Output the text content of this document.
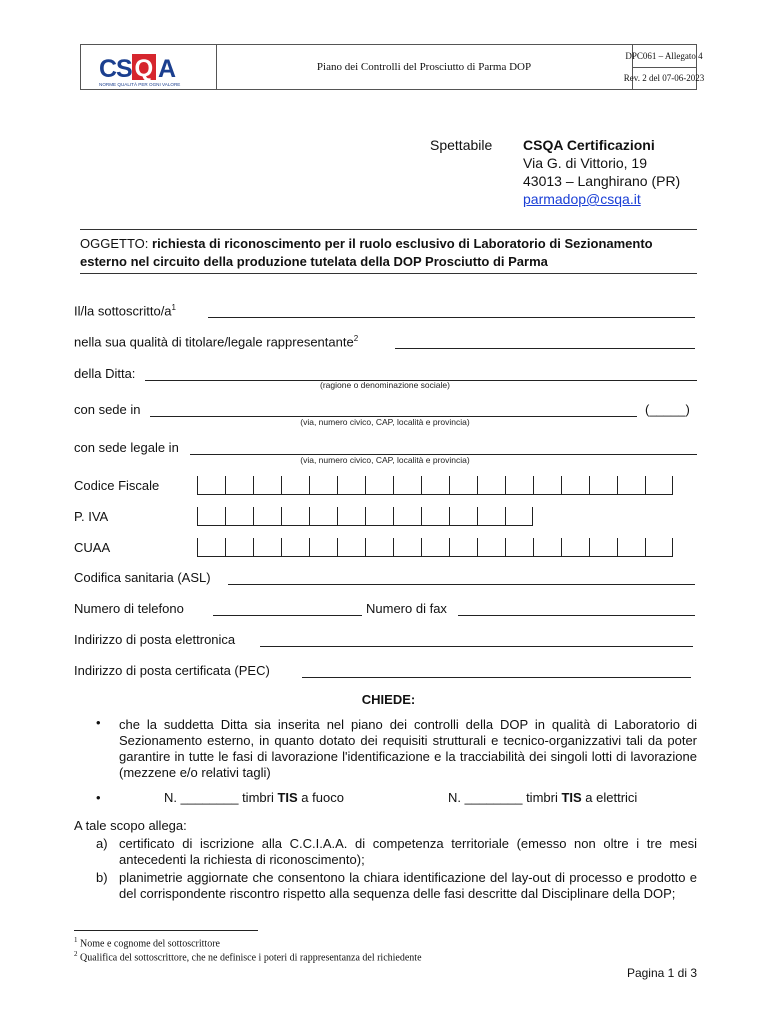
CS Q A
NORME QUALITÀ PER OGNI VALORE
Piano dei Controlli del Prosciutto di Parma DOP
DPC061 – Allegato 4
Rev. 2 del 07-06-2023
Spettabile CSQA Certificazioni
Via G. di Vittorio, 19
43013 – Langhirano (PR)
parmadop@csqa.it
OGGETTO: richiesta di riconoscimento per il ruolo esclusivo di Laboratorio di Sezionamento esterno nel circuito della produzione tutelata della DOP Prosciutto di Parma
Il/la sottoscritto/$a^1$
nella sua qualità di titolare/legale rappresentante$^2$
della Ditta:
(ragione o denominazione sociale)
con sede in	(_____)
(via, numero civico, CAP, località e provincia)
con sede legale in
(via, numero civico, CAP, località e provincia)
Codice Fiscale
P. IVA
CUAA
Codifica sanitaria (ASL)
Numero di telefono	Numero di fax
Indirizzo di posta elettronica
Indirizzo di posta certificata (PEC)
CHIEDE:
• che la suddetta Ditta sia inserita nel piano dei controlli della DOP in qualità di Laboratorio di Sezionamento esterno, in quanto dotato dei requisiti strutturali e tecnico-organizzativi tali da poter garantire in tutte le fasi di lavorazione l'identificazione e la tracciabilità dei singoli lotti di lavorazione (mezzene e/o relativi tagli)
•	N. ________ timbri TIS a fuoco	N. ________ timbri TIS a elettrici
A tale scopo allega:
a) certificato di iscrizione alla C.C.I.A.A. di competenza territoriale (emesso non oltre i tre mesi antecedenti la richiesta di riconoscimento);
b) planimetrie aggiornate che consentono la chiara identificazione del lay-out di processo e prodotto e del corrispondente riscontro rispetto alla sequenza delle fasi descritte dal Disciplinare della DOP;
$^1$ Nome e cognome del sottoscrittore
$^2$ Qualifica del sottoscrittore, che ne definisce i poteri di rappresentanza del richiedente
Pagina 1 di 3
